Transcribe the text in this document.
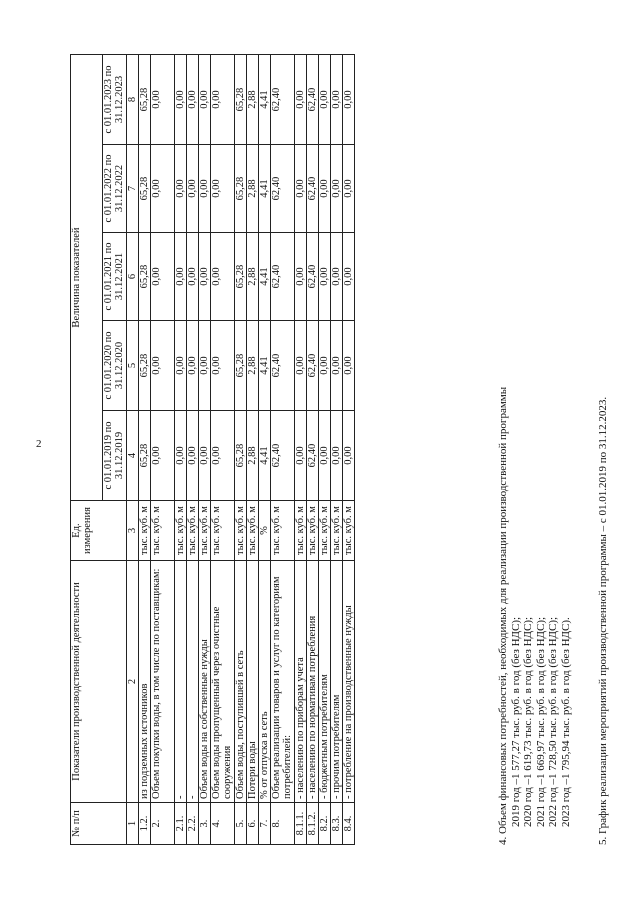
2
№ п/п	Показатели производственной деятельности	Ед. измерения	Величина показателей				
			с 01.01.2019 по 31.12.2019	с 01.01.2020 по 31.12.2020	с 01.01.2021 по 31.12.2021	с 01.01.2022 по 31.12.2022	с 01.01.2023 по 31.12.2023
1	2	3	4	5	6	7	8
1.2.	из подземных источников	тыс. куб. м	65,28	65,28	65,28	65,28	65,28
2.	Объем покупки воды, в том числе по поставщикам:	тыс. куб. м	0,00	0,00	0,00	0,00	0,00
2.1.	-	тыс. куб. м	0,00	0,00	0,00	0,00	0,00
2.2.	-	тыс. куб. м	0,00	0,00	0,00	0,00	0,00
3.	Объем воды на собственные нужды	тыс. куб. м	0,00	0,00	0,00	0,00	0,00
4.	Объем воды пропущенный через очистные сооружения	тыс. куб. м	0,00	0,00	0,00	0,00	0,00
5.	Объем воды, поступившей в сеть	тыс. куб. м	65,28	65,28	65,28	65,28	65,28
6.	Потери воды	тыс. куб. м	2,88	2,88	2,88	2,88	2,88
7.	% от отпуска в сеть	%	4,41	4,41	4,41	4,41	4,41
8.	Объем реализации товаров и услуг по категориям потребителей:	тыс. куб. м	62,40	62,40	62,40	62,40	62,40
8.1.1.	- населению по приборам учета	тыс. куб. м	0,00	0,00	0,00	0,00	0,00
8.1.2.	- населению по нормативам потребления	тыс. куб. м	62,40	62,40	62,40	62,40	62,40
8.2.	- бюджетным потребителям	тыс. куб. м	0,00	0,00	0,00	0,00	0,00
8.3.	- прочим потребителям	тыс. куб. м	0,00	0,00	0,00	0,00	0,00
8.4.	- потребление на производственные нужды	тыс. куб. м	0,00	0,00	0,00	0,00	0,00

4. Объем финансовых потребностей, необходимых для реализации производственной программы 2019 год –1 577,27 тыс. руб. в год (без НДС); 2020 год –1 619,73 тыс. руб. в год (без НДС); 2021 год –1 669,97 тыс. руб. в год (без НДС); 2022 год –1 728,50 тыс. руб. в год (без НДС); 2023 год –1 795,94 тыс. руб. в год (без НДС). 5. График реализации мероприятий производственной программы – с 01.01.2019 по 31.12.2023.
